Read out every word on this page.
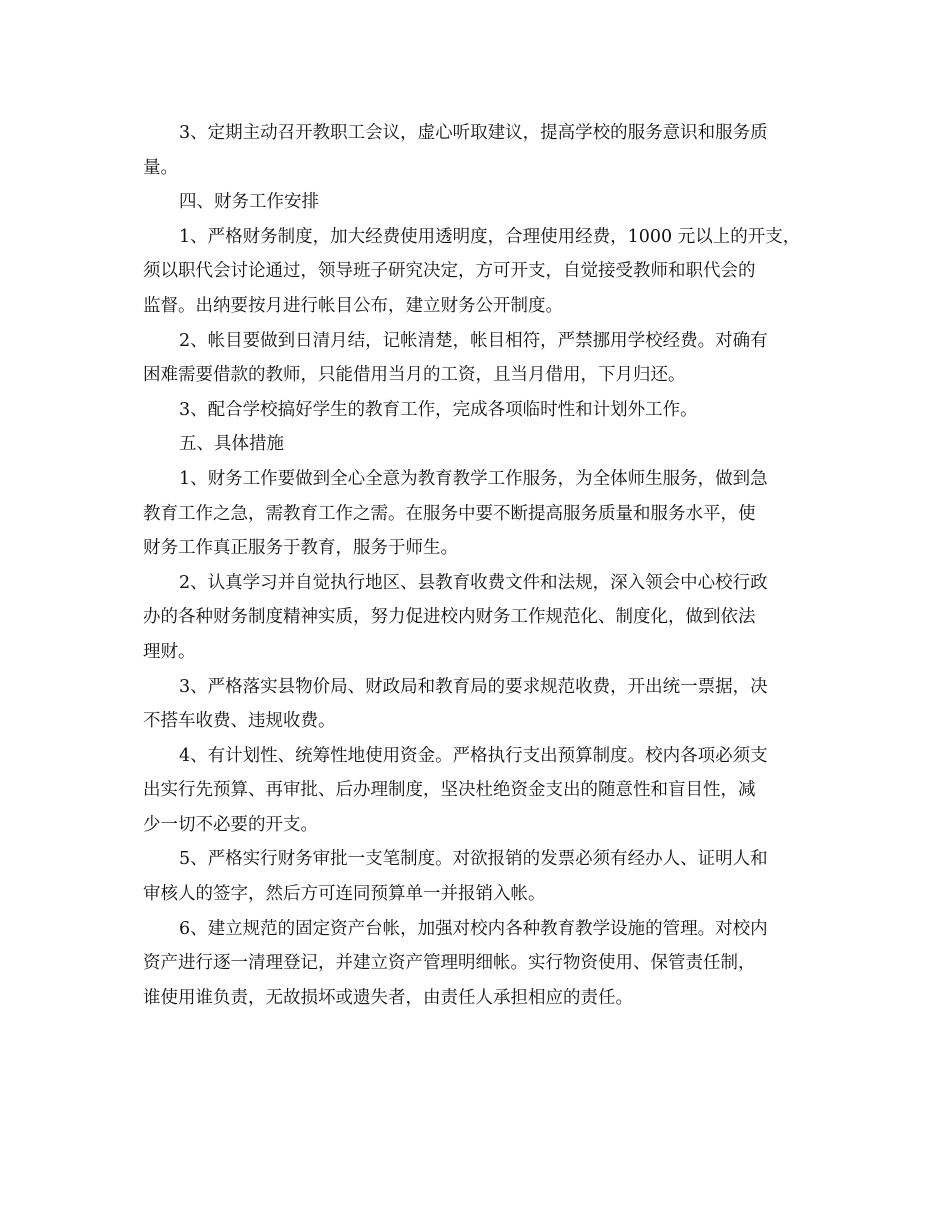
3、定期主动召开教职工会议，虚心听取建议，提高学校的服务意识和服务质
量。
四、财务工作安排
1、严格财务制度，加大经费使用透明度，合理使用经费，1000 元以上的开支，
须以职代会讨论通过，领导班子研究决定，方可开支，自觉接受教师和职代会的
监督。出纳要按月进行帐目公布，建立财务公开制度。
2、帐目要做到日清月结，记帐清楚，帐目相符，严禁挪用学校经费。对确有
困难需要借款的教师，只能借用当月的工资，且当月借用，下月归还。
3、配合学校搞好学生的教育工作，完成各项临时性和计划外工作。
五、具体措施
1、财务工作要做到全心全意为教育教学工作服务，为全体师生服务，做到急
教育工作之急，需教育工作之需。在服务中要不断提高服务质量和服务水平，使
财务工作真正服务于教育，服务于师生。
2、认真学习并自觉执行地区、县教育收费文件和法规，深入领会中心校行政
办的各种财务制度精神实质，努力促进校内财务工作规范化、制度化，做到依法
理财。
3、严格落实县物价局、财政局和教育局的要求规范收费，开出统一票据，决
不搭车收费、违规收费。
4、有计划性、统筹性地使用资金。严格执行支出预算制度。校内各项必须支
出实行先预算、再审批、后办理制度，坚决杜绝资金支出的随意性和盲目性，减
少一切不必要的开支。
5、严格实行财务审批一支笔制度。对欲报销的发票必须有经办人、证明人和
审核人的签字，然后方可连同预算单一并报销入帐。
6、建立规范的固定资产台帐，加强对校内各种教育教学设施的管理。对校内
资产进行逐一清理登记，并建立资产管理明细帐。实行物资使用、保管责任制，
谁使用谁负责，无故损坏或遗失者，由责任人承担相应的责任。
